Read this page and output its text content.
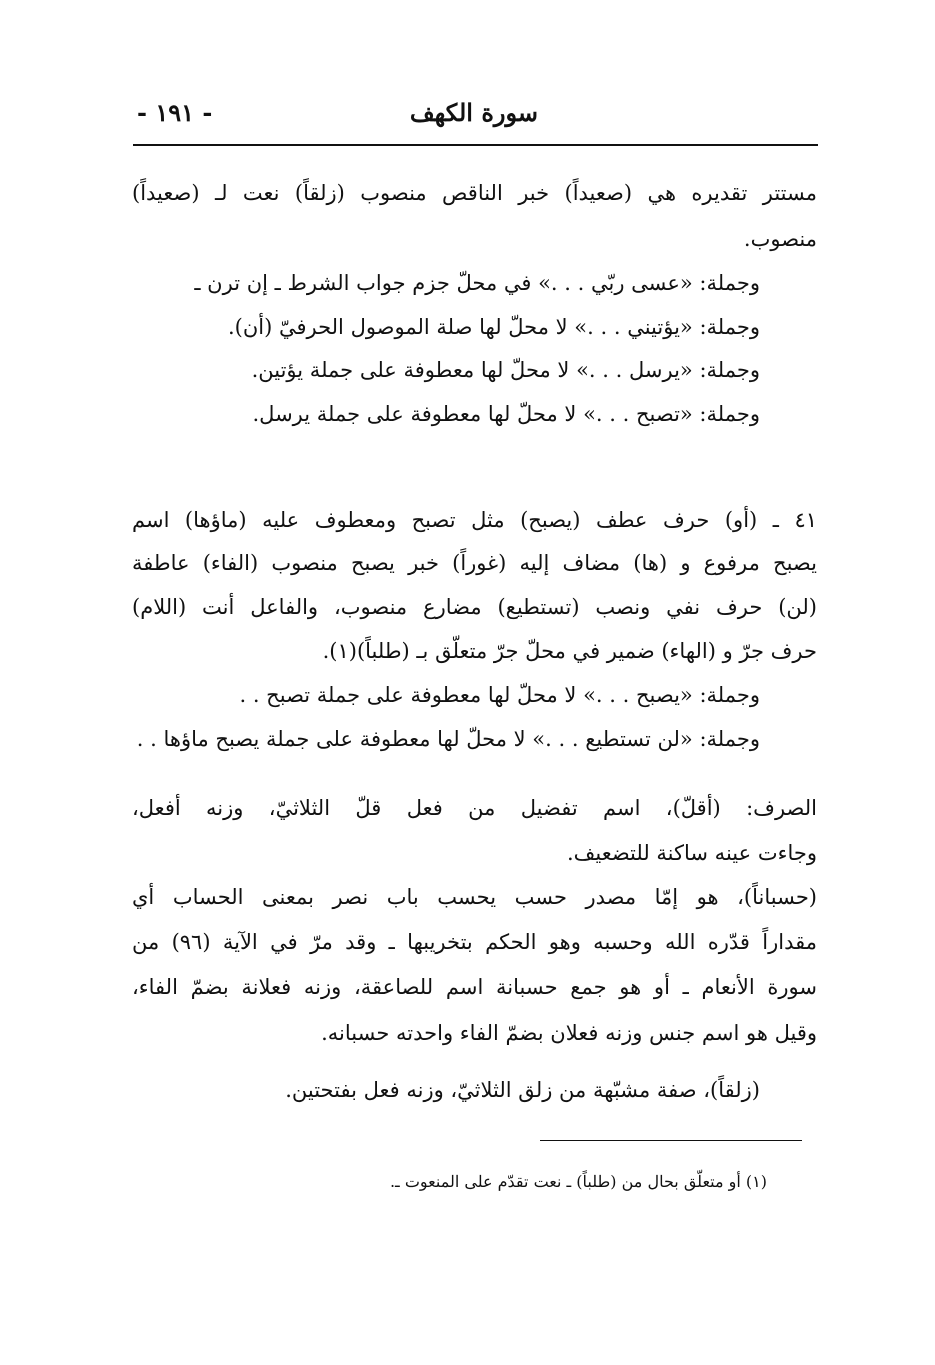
سورة الكهف
- ١٩١ -
مستتر تقديره هي (صعيداً) خبر الناقص منصوب (زلقاً) نعت لـ (صعيداً)
منصوب.
وجملة: «عسى ربّي . . .» في محلّ جزم جواب الشرط ـ إن ترن ـ
وجملة: «يؤتيني . . .» لا محلّ لها صلة الموصول الحرفيّ (أن).
وجملة: «يرسل . . .» لا محلّ لها معطوفة على جملة يؤتين.
وجملة: «تصبح . . .» لا محلّ لها معطوفة على جملة يرسل.
٤١ ـ (أو) حرف عطف (يصبح) مثل تصبح ومعطوف عليه (ماؤها) اسم
يصبح مرفوع و (ها) مضاف إليه (غوراً) خبر يصبح منصوب (الفاء) عاطفة
(لن) حرف نفي ونصب (تستطيع) مضارع منصوب، والفاعل أنت (اللام)
حرف جرّ و (الهاء) ضمير في محلّ جرّ متعلّق بـ (طلباً)(١).
وجملة: «يصبح . . .» لا محلّ لها معطوفة على جملة تصبح . .
وجملة: «لن تستطيع . . .» لا محلّ لها معطوفة على جملة يصبح ماؤها . .
الصرف: (أقلّ)، اسم تفضيل من فعل قلّ الثلاثيّ، وزنه أفعل،
وجاءت عينه ساكنة للتضعيف.
(حسباناً)، هو إمّا مصدر حسب يحسب باب نصر بمعنى الحساب أي
مقداراً قدّره الله وحسبه وهو الحكم بتخريبها ـ وقد مرّ في الآية (٩٦) من
سورة الأنعام ـ أو هو جمع حسبانة اسم للصاعقة، وزنه فعلانة بضمّ الفاء،
وقيل هو اسم جنس وزنه فعلان بضمّ الفاء واحدته حسبانه.
(زلقاً)، صفة مشبّهة من زلق الثلاثيّ، وزنه فعل بفتحتين.
(١) أو متعلّق بحال من (طلباً) ـ نعت تقدّم على المنعوت ـ.
